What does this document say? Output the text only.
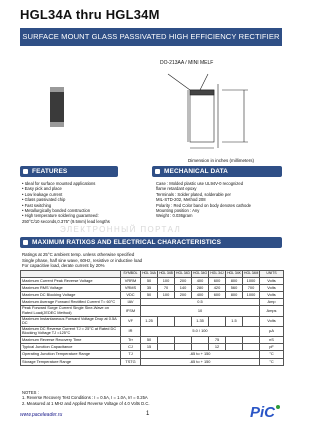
HGL34A thru HGL34M
SURFACE MOUNT GLASS PASSIVATED HIGH EFFICIENCY RECTIFIER
DO-213AA / MINI MELF
Dimension in inches (millimeters)
FEATURES
• Ideal for surface mounted applications
• Easy pick and place
• Low leakage current
• Glass passivated chip
• Fast switching
• Metallurgically bonded construction
• High temperature soldering guaranteed:
250°C/10 seconds,0.375" (9.5mm) lead lengths
MECHANICAL DATA
Case : Molded plastic use UL94V-0 recognized
flame retardant epoxy
Terminals : Solder plated, solderable per
MIL-STD-202, Method 208
Polarity : Red Color band on body denotes cathode
Mounting position : Any
Weight : 0.036gram
ЭЛЕКТРОННЫЙ ПОРТАЛ
MAXIMUM RATIXGS AND ELECTRICAL CHARACTERISTICS
Ratings at 25°C ambient temp. unless otherwise specified
Single phase, half sine wave, 60Hz, resistive or inductive load
For capacitive load, derate current by 20%
	SYMBOL	HGL 34A	HGL 34B	HGL 34D	HGL 34G	HGL 34J	HGL 34K	HGL 34M	UNITS
Maximum Current Peak Reverse Voltage	VRRM	50	100	200	400	600	800	1000	Volts
Maximum RMS Voltage	VRMS	35	70	140	280	420	560	700	Volts
Maximum DC Blocking Voltage	VDC	50	100	200	400	600	800	1000	Volts
Maximum Average Forward Rectified Current T= 60°C	IAV	0.5							Amp
Peak Forward Surge Current Single Sine-Wave on Rated Load(JEDEC Method)	IFSM	10							Amps
Maximum Instantaneous Forward Voltage Drop at 0.5A DC	VF	1.25			1.35		1.5		Volts
Maximum DC Reverse Current TJ = 25°C at Rated DC Blocking Voltage TJ =125°C	IR	5.0 / 100							µA
Maximum Reverse Recovery Time	Trr	50				75			nS
Typical Junction Capacitance	CJ	15				12			pF
Operating Junction Temperature Range	TJ	-65 to + 150							°C
Storage Temperature Range	TSTG	-65 to + 150							°C
NOTES :
1. Reverse Recovery Test Conditions : I = 0.5A, I = 1.0A, Irr = 0.25A
2. Measured at 1 MHz and Applied Reverse Voltage of 4.0 Volts D.C.
www.paceleader.ru	1	PiC
